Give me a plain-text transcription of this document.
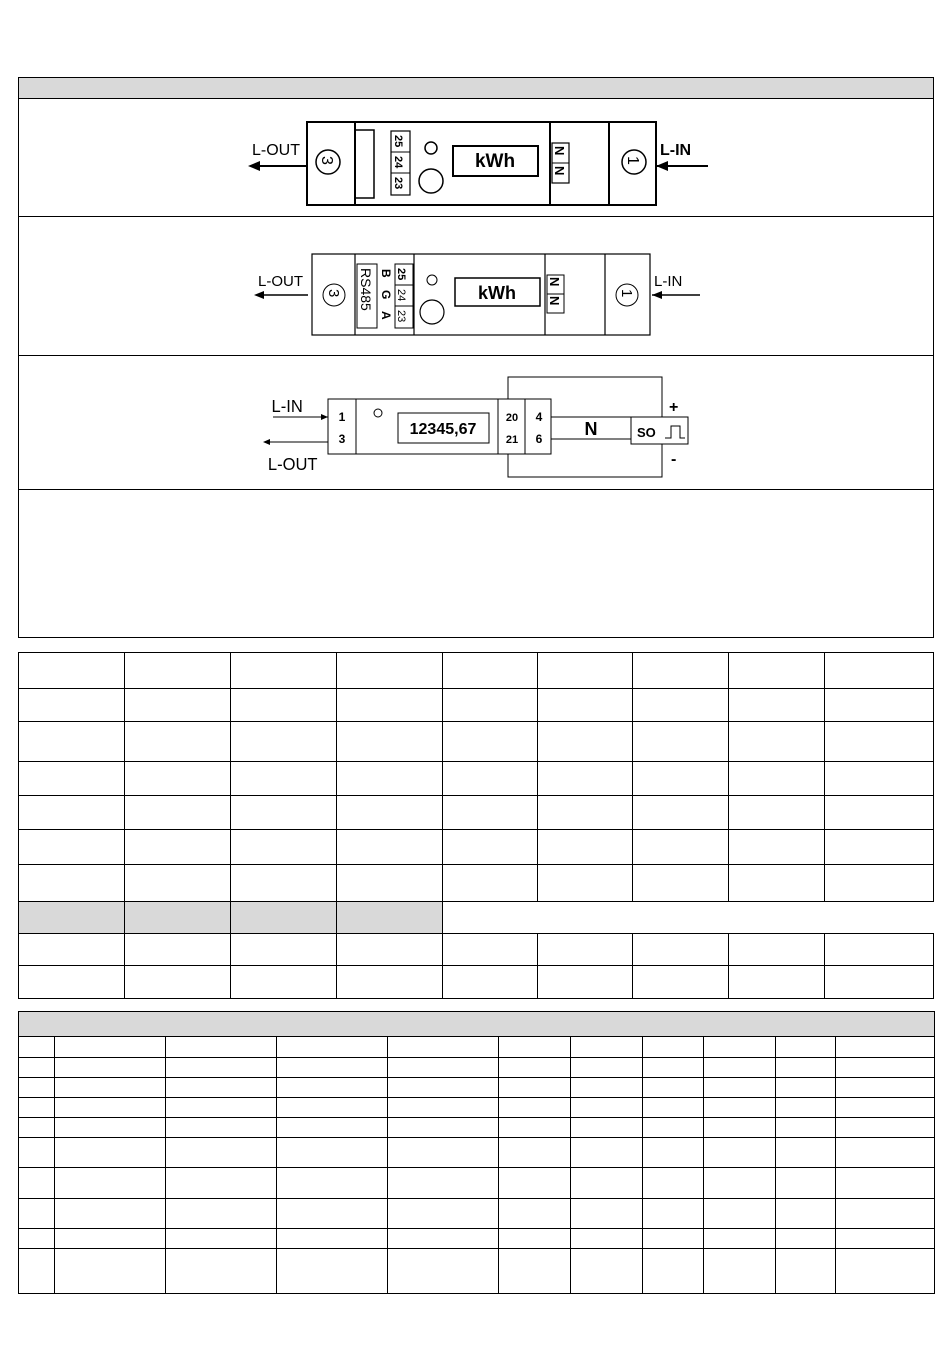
25
24
23
kWh
N
N
3	1
L-OUT	L-IN
RS485 B
G
A
25
24
23
kWh
N
N
3	1
L-OUT	L-IN
1
3
12345,67
20
21
4
6 N	SO
+
-
L-IN
L-OUT
